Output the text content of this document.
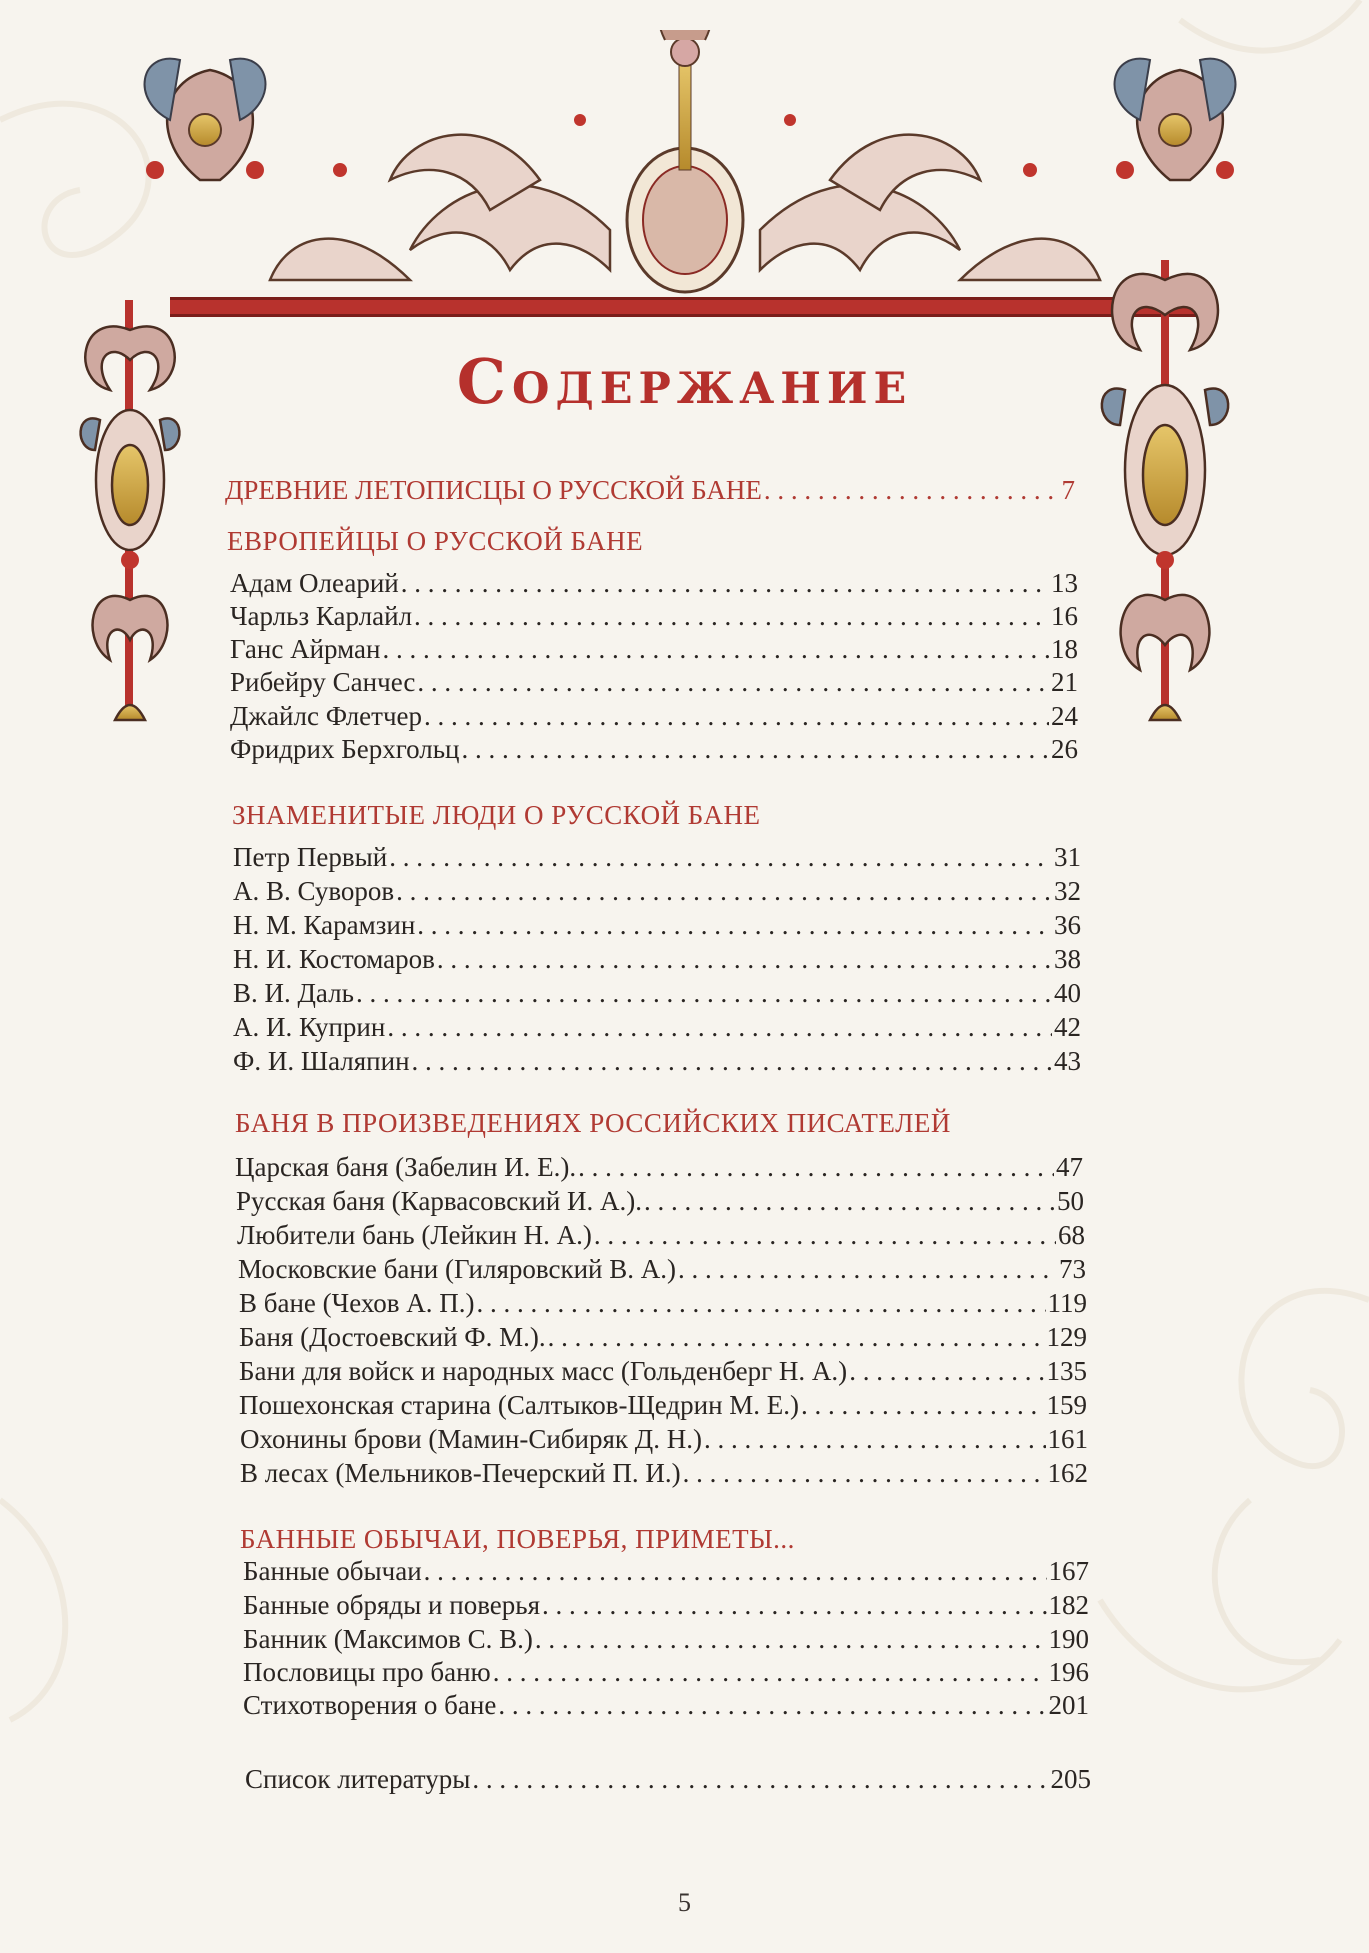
Содержание
ДРЕВНИЕ ЛЕТОПИСЦЫ О РУССКОЙ БАНЕ . . .	7
ЕВРОПЕЙЦЫ О РУССКОЙ БАНЕ
Адам Олеарий . . .	13
Чарльз Карлайл . . .	16
Ганс Айрман . . .	18
Рибейру Санчес . . .	21
Джайлс Флетчер . . .	24
Фридрих Берхгольц . . .	26
ЗНАМЕНИТЫЕ ЛЮДИ О РУССКОЙ БАНЕ
Петр Первый . . .	31
А. В. Суворов . . .	32
Н. М. Карамзин . . .	36
Н. И. Костомаров . . .	38
В. И. Даль . . .	40
А. И. Куприн . . .	42
Ф. И. Шаляпин . . .	43
БАНЯ В ПРОИЗВЕДЕНИЯХ РОССИЙСКИХ ПИСАТЕЛЕЙ
Царская баня (Забелин И. Е.). . . .	47
Русская баня (Карвасовский И. А.). . . .	50
Любители бань (Лейкин Н. А.) . . .	68
Московские бани (Гиляровский В. А.) . . .	73
В бане (Чехов А. П.) . . .	119
Баня (Достоевский Ф. М.). . . .	129
Бани для войск и народных масс (Гольденберг Н. А.) . . .	135
Пошехонская старина (Салтыков-Щедрин М. Е.) . . .	159
Охонины брови (Мамин-Сибиряк Д. Н.) . . .	161
В лесах (Мельников-Печерский П. И.) . . .	162
БАННЫЕ ОБЫЧАИ, ПОВЕРЬЯ, ПРИМЕТЫ...
Банные обычаи . . .	167
Банные обряды и поверья . . .	182
Банник (Максимов С. В.) . . .	190
Пословицы про баню . . .	196
Стихотворения о бане . . .	201
Список литературы . . .	205
5
